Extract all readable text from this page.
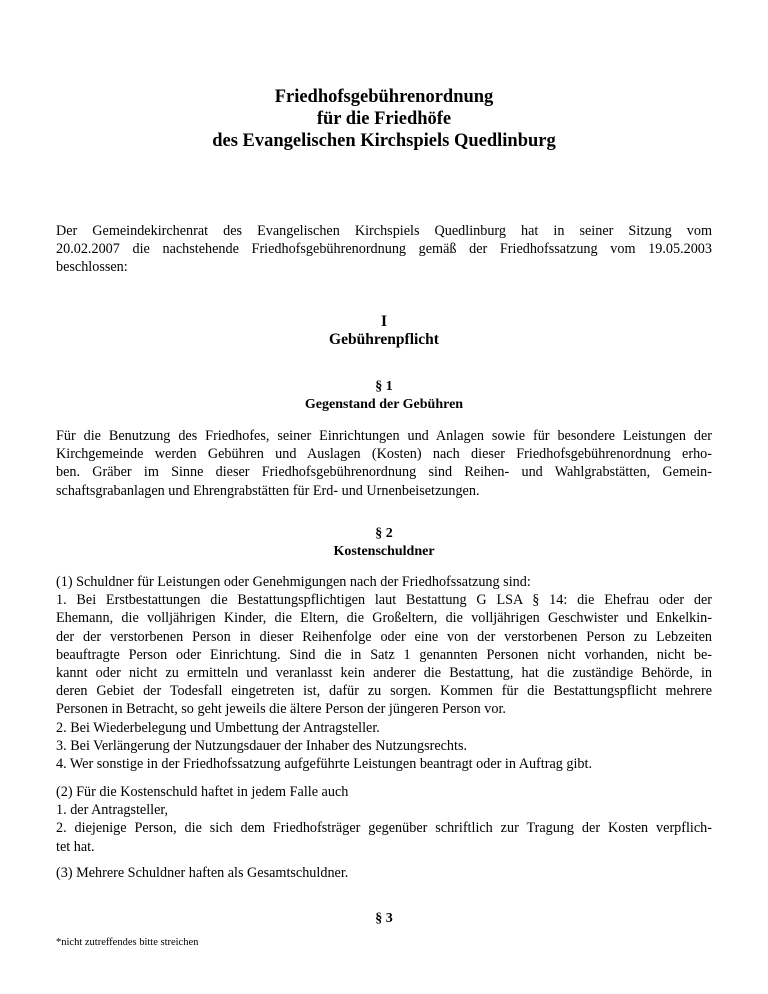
Friedhofsgebührenordnung
für die Friedhöfe
des Evangelischen Kirchspiels Quedlinburg
Der Gemeindekirchenrat des Evangelischen Kirchspiels Quedlinburg hat in seiner Sitzung vom
20.02.2007 die nachstehende Friedhofsgebührenordnung gemäß der Friedhofssatzung vom 19.05.2003
beschlossen:
I
Gebührenpflicht
§ 1
Gegenstand der Gebühren
Für die Benutzung des Friedhofes, seiner Einrichtungen und Anlagen sowie für besondere Leistungen der
Kirchgemeinde werden Gebühren und Auslagen (Kosten) nach dieser Friedhofsgebührenordnung erho-
ben. Gräber im Sinne dieser Friedhofsgebührenordnung sind Reihen- und Wahlgrabstätten, Gemein-
schaftsgrabanlagen und Ehrengrabstätten für Erd- und Urnenbeisetzungen.
§ 2
Kostenschuldner
(1) Schuldner für Leistungen oder Genehmigungen nach der Friedhofssatzung sind:
1. Bei Erstbestattungen die Bestattungspflichtigen laut Bestattung G LSA § 14: die Ehefrau oder der
Ehemann, die volljährigen Kinder, die Eltern, die Großeltern, die volljährigen Geschwister und Enkelkin-
der der verstorbenen Person in dieser Reihenfolge oder eine von der verstorbenen Person zu Lebzeiten
beauftragte Person oder Einrichtung. Sind die in Satz 1 genannten Personen nicht vorhanden, nicht be-
kannt oder nicht zu ermitteln und veranlasst kein anderer die Bestattung, hat die zuständige Behörde, in
deren Gebiet der Todesfall eingetreten ist, dafür zu sorgen. Kommen für die Bestattungspflicht mehrere
Personen in Betracht, so geht jeweils die ältere Person der jüngeren Person vor.
2. Bei Wiederbelegung und Umbettung der Antragsteller.
3. Bei Verlängerung der Nutzungsdauer der Inhaber des Nutzungsrechts.
4. Wer sonstige in der Friedhofssatzung aufgeführte Leistungen beantragt oder in Auftrag gibt.
(2) Für die Kostenschuld haftet in jedem Falle auch
1. der Antragsteller,
2. diejenige Person, die sich dem Friedhofsträger gegenüber schriftlich zur Tragung der Kosten verpflich-
tet hat.
(3) Mehrere Schuldner haften als Gesamtschuldner.
§ 3
*nicht zutreffendes bitte streichen
